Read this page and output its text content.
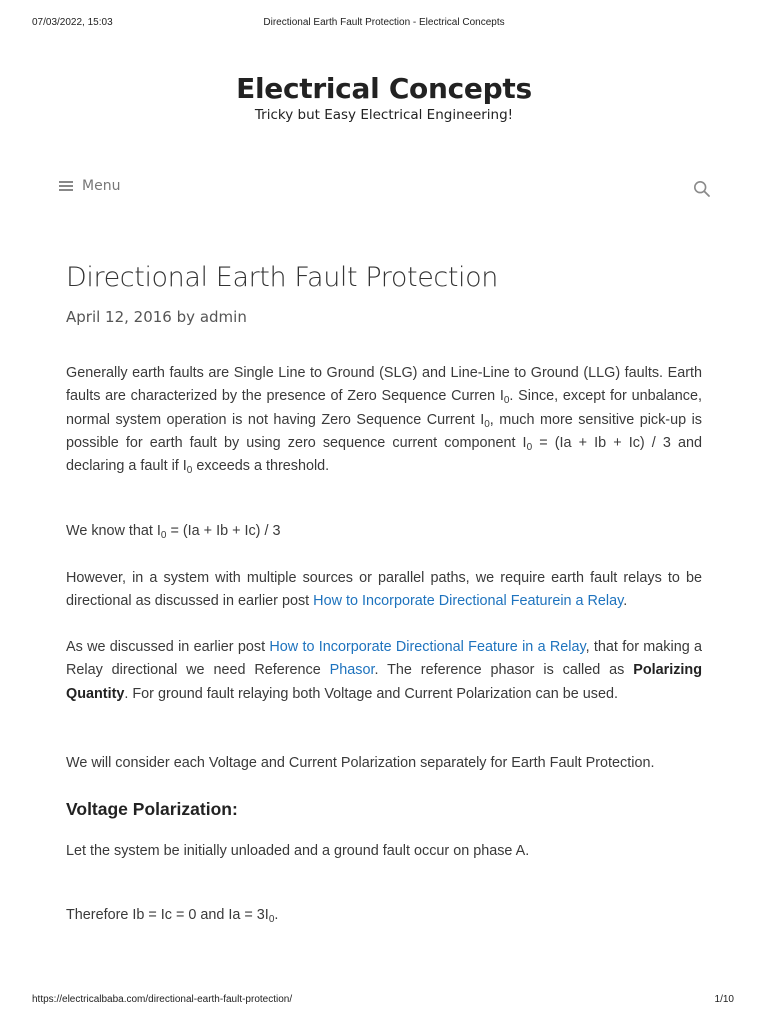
07/03/2022, 15:03	Directional Earth Fault Protection - Electrical Concepts
Electrical Concepts
Tricky but Easy Electrical Engineering!
Menu
Directional Earth Fault Protection
April 12, 2016 by admin

Generally earth faults are Single Line to Ground (SLG) and Line-Line to Ground (LLG) faults. Earth faults are characterized by the presence of Zero Sequence Curren $I_0$. Since, except for unbalance, normal system operation is not having Zero Sequence Current $I_0$, much more sensitive pick-up is possible for earth fault by using zero sequence current component $I_0 = (Ia + Ib + Ic) / 3$ and declaring a fault if $I_0$ exceeds a threshold.

We know that $I_0 = (Ia + Ib + Ic) / 3$

However, in a system with multiple sources or parallel paths, we require earth fault relays to be directional as discussed in earlier post How to Incorporate Directional Featurein a Relay.

As we discussed in earlier post How to Incorporate Directional Feature in a Relay, that for making a Relay directional we need Reference Phasor. The reference phasor is called as Polarizing Quantity. For ground fault relaying both Voltage and Current Polarization can be used.

We will consider each Voltage and Current Polarization separately for Earth Fault Protection.

Voltage Polarization:

Let the system be initially unloaded and a ground fault occur on phase A.

Therefore Ib = Ic = 0 and $Ia = 3I_0$.

https://electricalbaba.com/directional-earth-fault-protection/	1/10
